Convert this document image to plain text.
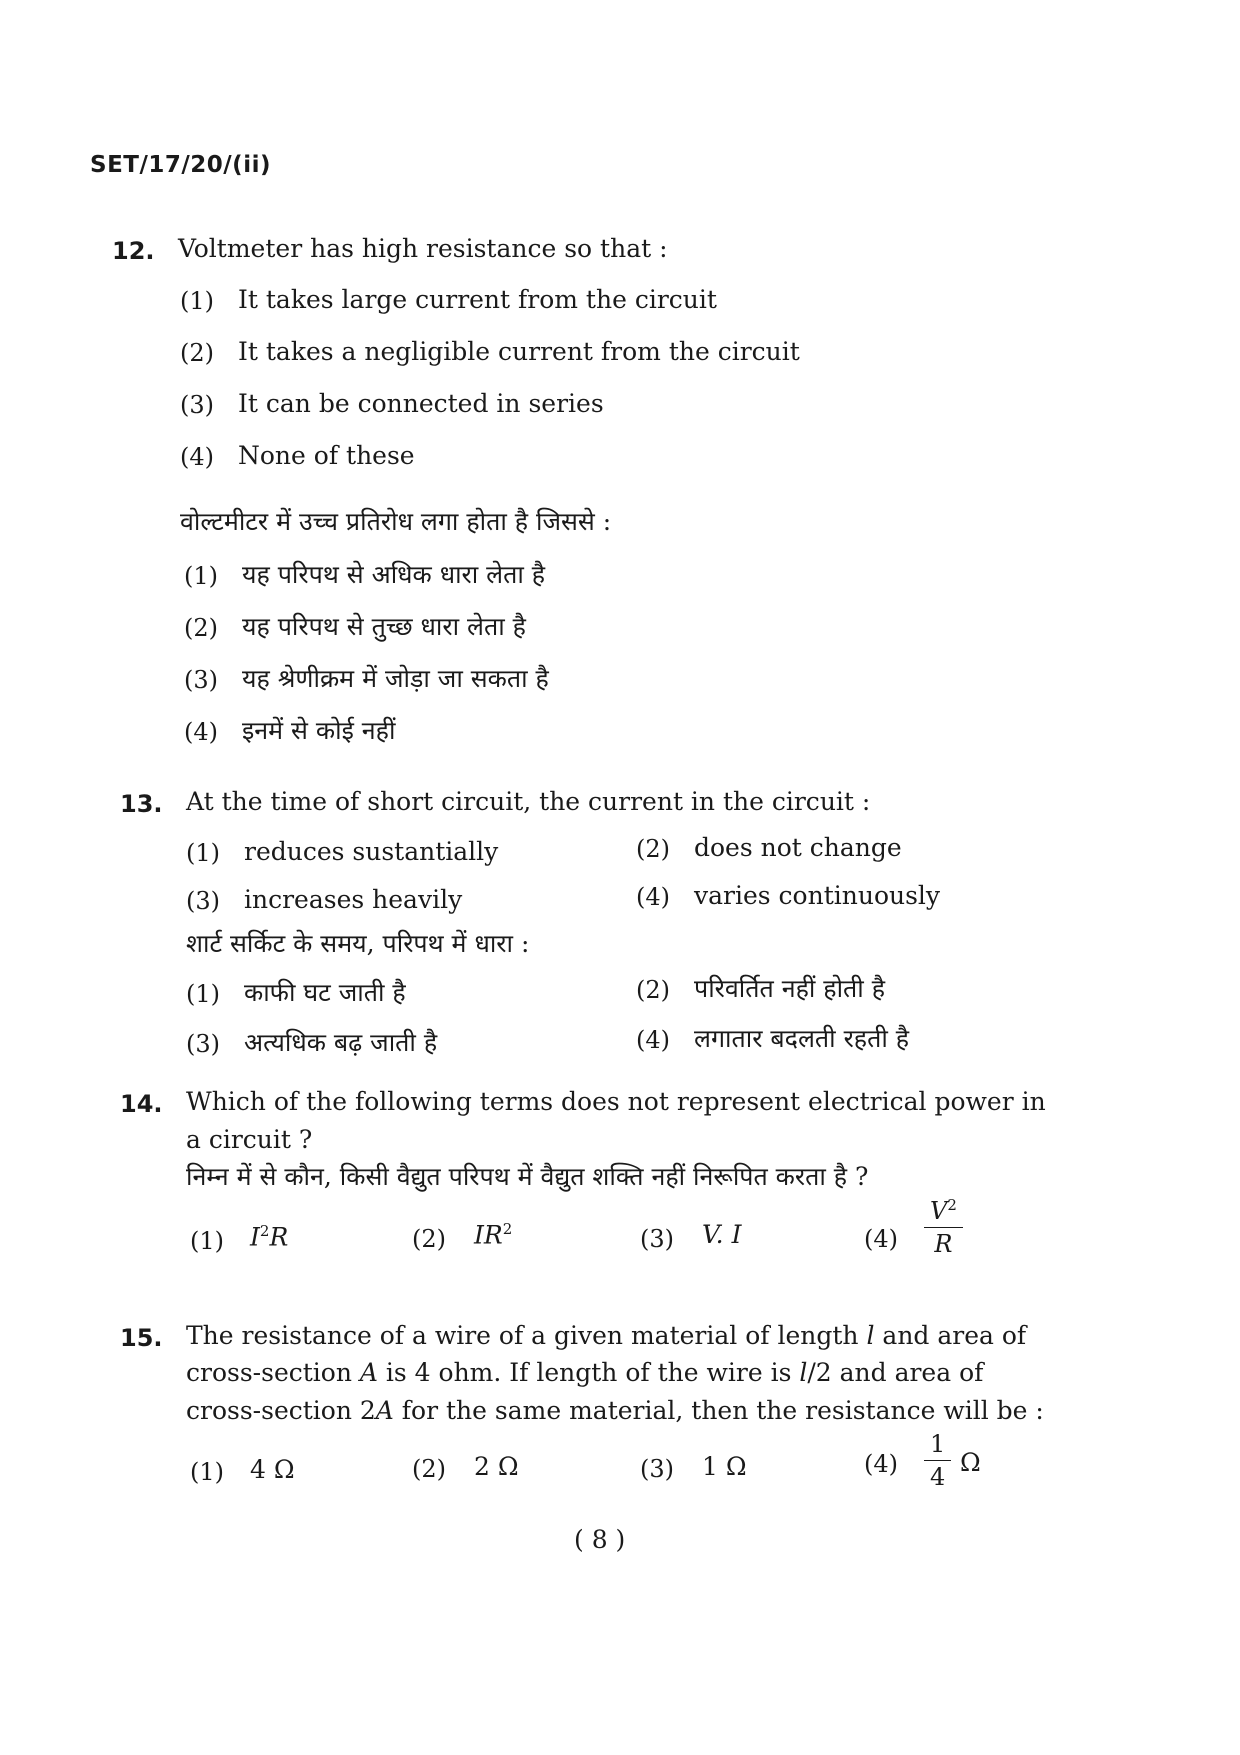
SET/17/20/(ii)
12. Voltmeter has high resistance so that :
(1) It takes large current from the circuit
(2) It takes a negligible current from the circuit
(3) It can be connected in series
(4) None of these
वोल्टमीटर में उच्च प्रतिरोध लगा होता है जिससे :
(1) यह परिपथ से अधिक धारा लेता है
(2) यह परिपथ से तुच्छ धारा लेता है
(3) यह श्रेणीक्रम में जोड़ा जा सकता है
(4) इनमें से कोई नहीं
13. At the time of short circuit, the current in the circuit :
(1) reduces sustantially	(2) does not change
(3) increases heavily	(4) varies continuously
शार्ट सर्किट के समय, परिपथ में धारा :
(1) काफी घट जाती है	(2) परिवर्तित नहीं होती है
(3) अत्यधिक बढ़ जाती है	(4) लगातार बदलती रहती है
14. Which of the following terms does not represent electrical power in
a circuit ?
निम्न में से कौन, किसी वैद्युत परिपथ में वैद्युत शक्ति नहीं निरूपित करता है ?
(1) $I^2R$	(2) $IR^2$	(3) V. I	$(4) \frac{V^2}{R}$
15. The resistance of a wire of a given material of length l and area of
cross-section A is 4 ohm. If length of the wire is l/2 and area of
cross-section 2A for the same material, then the resistance will be :
(1) 4 Ω	(2) 2 Ω	(3) 1 Ω	$(4) \frac{1}{4}$ Ω
( 8 )
